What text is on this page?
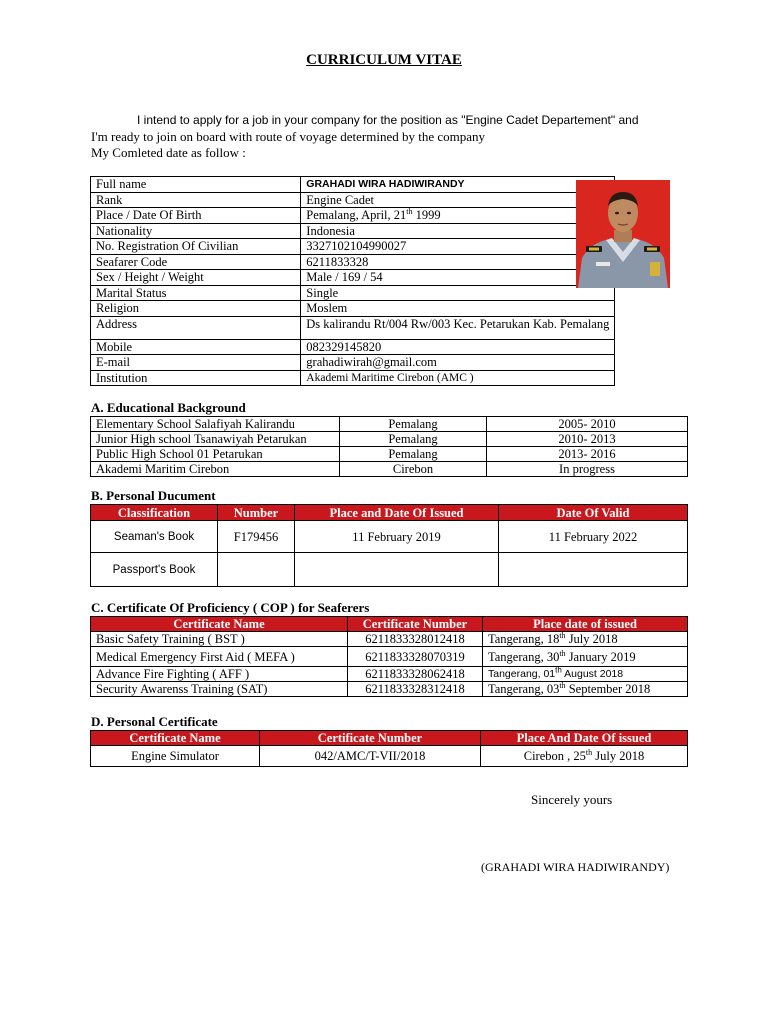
CURRICULUM VITAE
I intend to apply for a job in your company for the position as "Engine Cadet Departement" and
I'm ready to join on board with route of voyage determined by the company
My Comleted date as follow :
Full name	GRAHADI WIRA HADIWIRANDY	
Rank	Engine Cadet	
Place / Date Of Birth	Pemalang, April, 21th 1999	
Nationality	Indonesia	
No. Registration Of Civilian	3327102104990027	
Seafarer Code	6211833328	
Sex / Height / Weight	Male / 169 / 54	
Marital Status	Single	
Religion	Moslem	
Address	Ds kalirandu Rt/004 Rw/003 Kec. Petarukan Kab. Pemalang	
Mobile	082329145820	
E-mail	grahadiwirah@gmail.com	
Institution	Akademi Maritime Cirebon (AMC )	
A. Educational Background
Elementary School Salafiyah Kalirandu	Pemalang	2005- 2010
Junior High school Tsanawiyah Petarukan	Pemalang	2010- 2013
Public High School 01 Petarukan	Pemalang	2013- 2016
Akademi Maritim Cirebon	Cirebon	In progress
B. Personal Ducument
Classification	Number	Place and Date Of Issued	Date Of Valid
Seaman's Book	F179456	11 February 2019	11 February 2022
Passport's Book			
C. Certificate Of Proficiency ( COP ) for Seaferers
Certificate Name	Certificate Number	Place date of issued
Basic Safety Training ( BST )	6211833328012418	Tangerang, 18th July 2018
Medical Emergency First Aid ( MEFA )	6211833328070319	Tangerang, 30th January 2019
Advance Fire Fighting ( AFF )	6211833328062418	Tangerang, 01th August 2018
Security Awarenss Training (SAT)	6211833328312418	Tangerang, 03th September 2018
D. Personal Certificate
Certificate Name	Certificate Number	Place And Date Of issued
Engine Simulator	042/AMC/T-VII/2018	Cirebon , 25th July 2018
Sincerely yours
(GRAHADI WIRA HADIWIRANDY)
